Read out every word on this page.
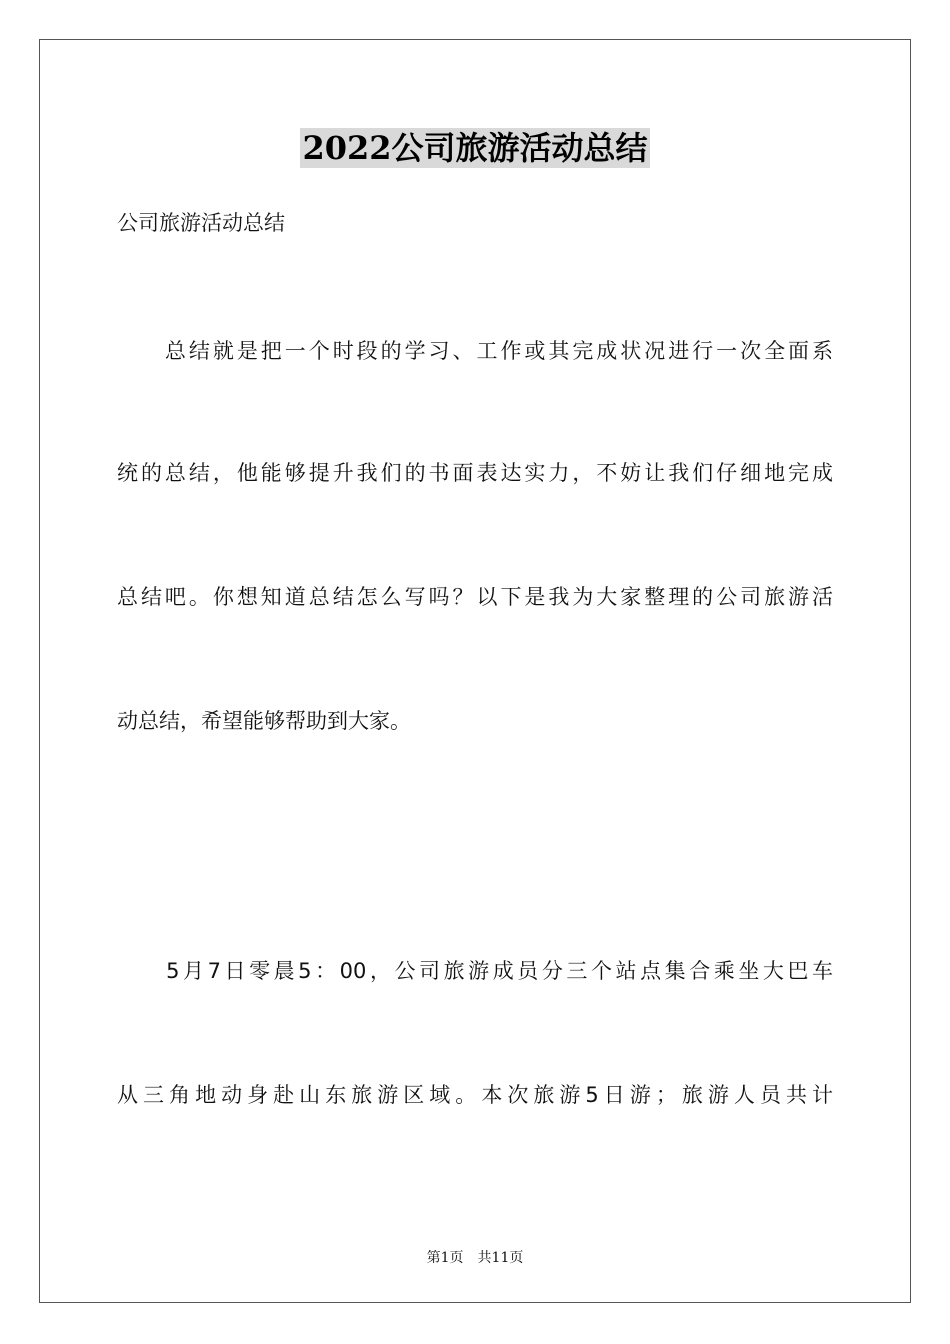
2022公司旅游活动总结
公司旅游活动总结
　　总结就是把一个时段的学习、工作或其完成状况进行一次全面系
统的总结，他能够提升我们的书面表达实力，不妨让我们仔细地完成
总结吧。你想知道总结怎么写吗？以下是我为大家整理的公司旅游活
动总结，希望能够帮助到大家。
　　5月7日零晨5：00，公司旅游成员分三个站点集合乘坐大巴车
从三角地动身赴山东旅游区域。本次旅游5日游；旅游人员共计
第1页 共11页
